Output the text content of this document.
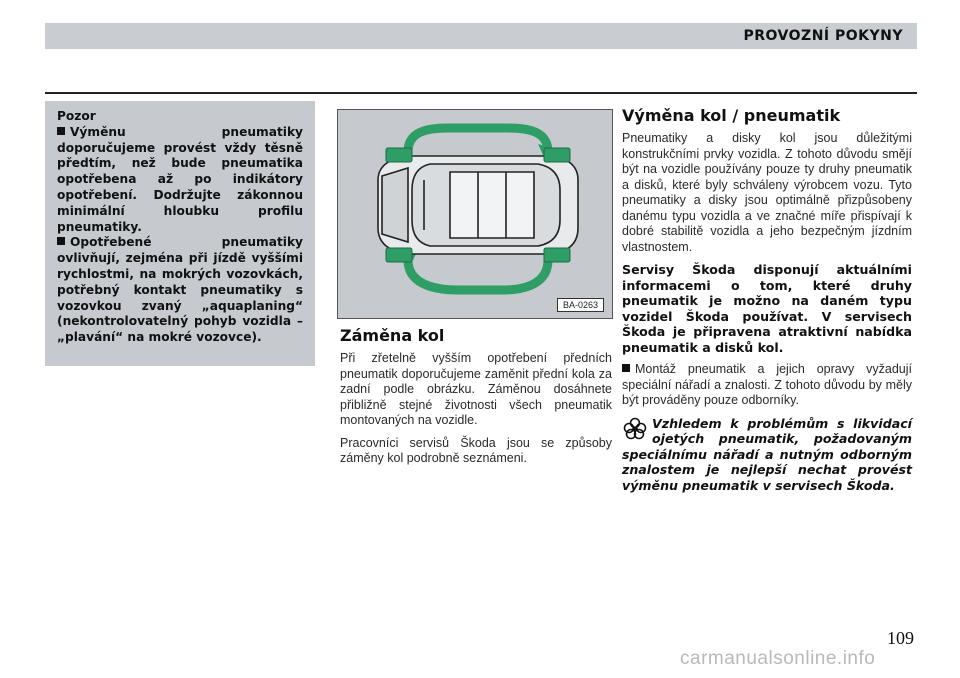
PROVOZNÍ POKYNY

Pozor

Výměnu pneumatiky doporučujeme provést vždy těsně předtím, než bude pneumatika opotřebena až po indikátory opotřebení. Dodržujte zákonnou minimální hloubku profilu pneumatiky.

Opotřebené pneumatiky ovlivňují, zejména při jízdě vyššími rychlostmi, na mokrých vozovkách, potřebný kontakt pneumatiky s vozovkou zvaný „aquaplaning“ (nekontrolovatelný pohyb vozidla – „plavání“ na mokré vozovce).

BA-0263
Záměna kol

Při zřetelně vyšším opotřebení předních pneumatik doporučujeme zaměnit přední kola za zadní podle obrázku. Záměnou dosáhnete přibližně stejné životnosti všech pneumatik montovaných na vozidle.

Pracovníci servisů Škoda jsou se způsoby záměny kol podrobně seznámeni.

Výměna kol / pneumatik

Pneumatiky a disky kol jsou důležitými konstrukčními prvky vozidla. Z tohoto důvodu smějí být na vozidle používány pouze ty druhy pneumatik a disků, které byly schváleny výrobcem vozu. Tyto pneumatiky a disky jsou optimálně přizpůsobeny danému typu vozidla a ve značné míře přispívají k dobré stabilitě vozidla a jeho bezpečným jízdním vlastnostem.

Servisy Škoda disponují aktuálními informacemi o tom, které druhy pneumatik je možno na daném typu vozidel Škoda používat. V servisech Škoda je připravena atraktivní nabídka pneumatik a disků kol.

Montáž pneumatik a jejich opravy vyžadují speciální nářadí a znalosti. Z tohoto důvodu by měly být prováděny pouze odborníky.

Vzhledem k problémům s likvidací ojetých pneumatik, požadovaným speciálnímu nářadí a nutným odborným znalostem je nejlepší nechat provést výměnu pneumatik v servisech Škoda.
109
carmanualsonline.info
